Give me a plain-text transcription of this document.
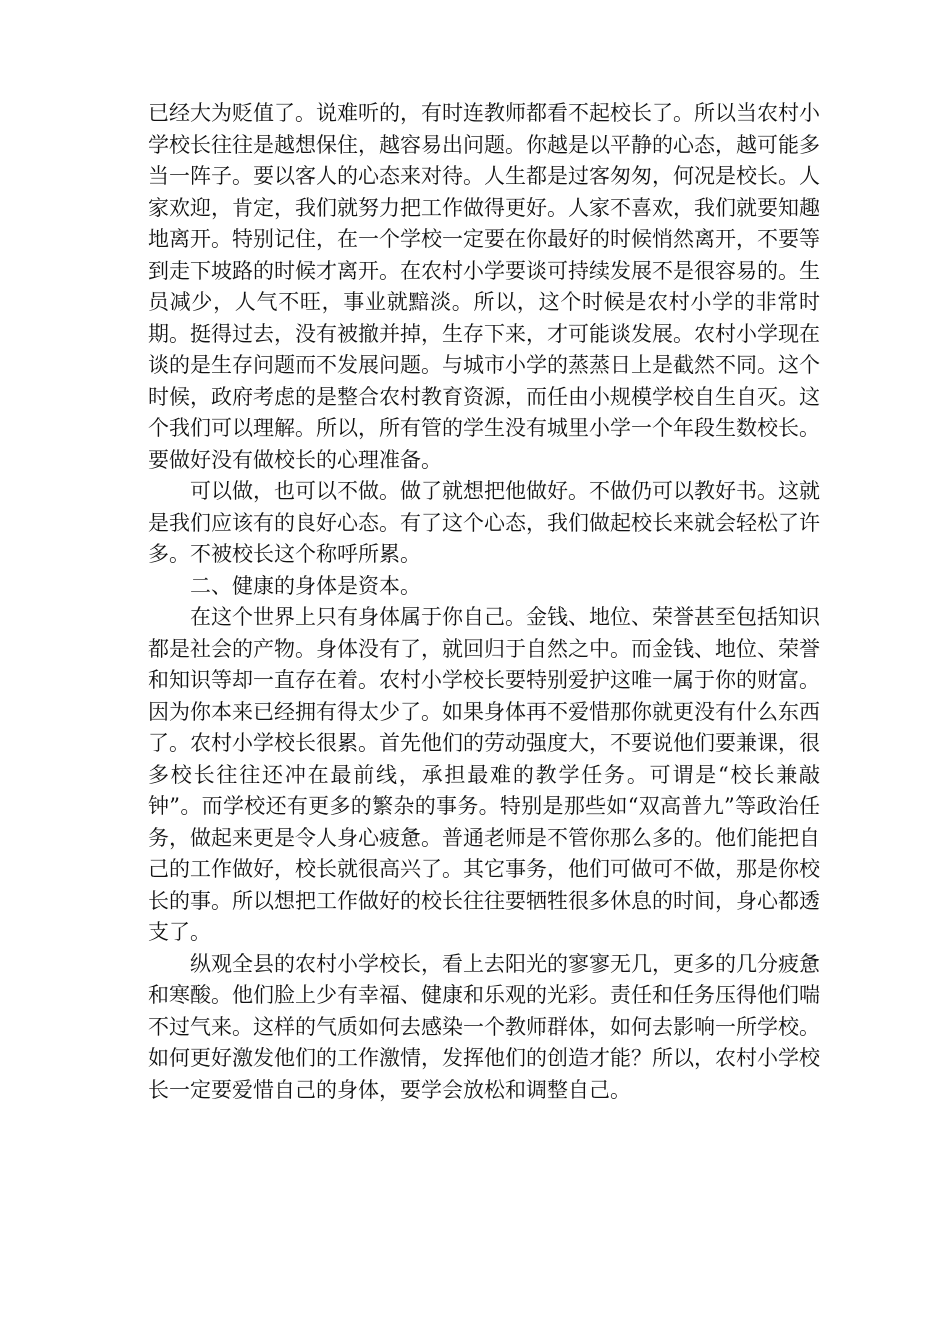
已经大为贬值了。说难听的，有时连教师都看不起校长了。所以当农村小学校长往往是越想保住，越容易出问题。你越是以平静的心态，越可能多当一阵子。要以客人的心态来对待。人生都是过客匆匆，何况是校长。人家欢迎，肯定，我们就努力把工作做得更好。人家不喜欢，我们就要知趣地离开。特别记住，在一个学校一定要在你最好的时候悄然离开，不要等到走下坡路的时候才离开。在农村小学要谈可持续发展不是很容易的。生员减少，人气不旺，事业就黯淡。所以，这个时候是农村小学的非常时期。挺得过去，没有被撤并掉，生存下来，才可能谈发展。农村小学现在谈的是生存问题而不发展问题。与城市小学的蒸蒸日上是截然不同。这个时候，政府考虑的是整合农村教育资源，而任由小规模学校自生自灭。这个我们可以理解。所以，所有管的学生没有城里小学一个年段生数校长。要做好没有做校长的心理准备。

可以做，也可以不做。做了就想把他做好。不做仍可以教好书。这就是我们应该有的良好心态。有了这个心态，我们做起校长来就会轻松了许多。不被校长这个称呼所累。

二、健康的身体是资本。

在这个世界上只有身体属于你自己。金钱、地位、荣誉甚至包括知识都是社会的产物。身体没有了，就回归于自然之中。而金钱、地位、荣誉和知识等却一直存在着。农村小学校长要特别爱护这唯一属于你的财富。因为你本来已经拥有得太少了。如果身体再不爱惜那你就更没有什么东西了。农村小学校长很累。首先他们的劳动强度大，不要说他们要兼课，很多校长往往还冲在最前线，承担最难的教学任务。可谓是“校长兼敲钟”。而学校还有更多的繁杂的事务。特别是那些如“双高普九”等政治任务，做起来更是令人身心疲惫。普通老师是不管你那么多的。他们能把自己的工作做好，校长就很高兴了。其它事务，他们可做可不做，那是你校长的事。所以想把工作做好的校长往往要牺牲很多休息的时间，身心都透支了。

纵观全县的农村小学校长，看上去阳光的寥寥无几，更多的几分疲惫和寒酸。他们脸上少有幸福、健康和乐观的光彩。责任和任务压得他们喘不过气来。这样的气质如何去感染一个教师群体，如何去影响一所学校。如何更好激发他们的工作激情，发挥他们的创造才能？所以，农村小学校长一定要爱惜自己的身体，要学会放松和调整自己。
